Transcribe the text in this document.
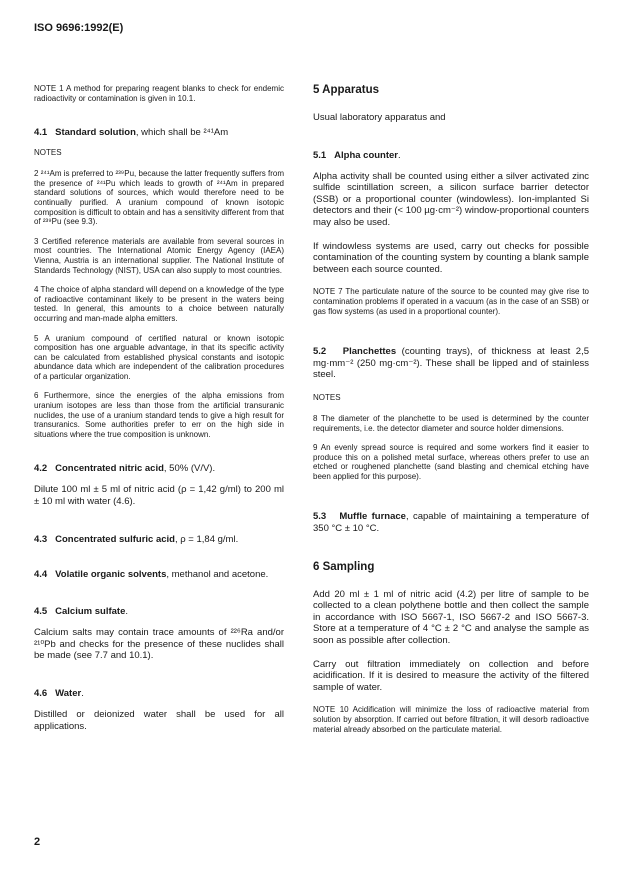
ISO 9696:1992(E)

NOTE 1 A method for preparing reagent blanks to check for endemic radioactivity or contamination is given in 10.1.

4.1 Standard solution, which shall be ²⁴¹Am

NOTES

2 ²⁴¹Am is preferred to ²³⁹Pu, because the latter frequently suffers from the presence of ²⁴¹Pu which leads to growth of ²⁴¹Am in prepared standard solutions of sources, which would therefore need to be continually purified. A uranium compound of known isotopic composition is difficult to obtain and has a sensitivity different from that of ²³⁹Pu (see 9.3).

3 Certified reference materials are available from several sources in most countries. The International Atomic Energy Agency (IAEA) Vienna, Austria is an international supplier. The National Institute of Standards Technology (NIST), USA can also supply to most countries.

4 The choice of alpha standard will depend on a knowledge of the type of radioactive contaminant likely to be present in the waters being tested. In general, this amounts to a choice between naturally occurring and man-made alpha emitters.

5 A uranium compound of certified natural or known isotopic composition has one arguable advantage, in that its specific activity can be calculated from established physical constants and isotopic abundance data which are independent of the calibration procedures of a particular organization.

6 Furthermore, since the energies of the alpha emissions from uranium isotopes are less than those from the artificial transuranic nuclides, the use of a uranium standard tends to give a high result for transuranics. Some authorities prefer to err on the high side in situations where the true composition is unknown.

4.2 Concentrated nitric acid, 50% (V/V).

Dilute 100 ml ± 5 ml of nitric acid (ρ = 1,42 g/ml) to 200 ml ± 10 ml with water (4.6).

4.3 Concentrated sulfuric acid, ρ = 1,84 g/ml.

4.4 Volatile organic solvents, methanol and acetone.

4.5 Calcium sulfate.

Calcium salts may contain trace amounts of ²²⁶Ra and/or ²¹⁰Pb and checks for the presence of these nuclides shall be made (see 7.7 and 10.1).

4.6 Water.

Distilled or deionized water shall be used for all applications.

5 Apparatus

Usual laboratory apparatus and

5.1 Alpha counter.

Alpha activity shall be counted using either a silver activated zinc sulfide scintillation screen, a silicon surface barrier detector (SSB) or a proportional counter (windowless). Ion-implanted Si detectors and their (< 100 µg·cm⁻²) window-proportional counters may also be used.

If windowless systems are used, carry out checks for possible contamination of the counting system by counting a blank sample between each source counted.

NOTE 7 The particulate nature of the source to be counted may give rise to contamination problems if operated in a vacuum (as in the case of an SSB) or gas flow systems (as used in a proportional counter).

5.2 Planchettes (counting trays), of thickness at least 2,5 mg·mm⁻² (250 mg·cm⁻²). These shall be lipped and of stainless steel.

NOTES

8 The diameter of the planchette to be used is determined by the counter requirements, i.e. the detector diameter and source holder dimensions.

9 An evenly spread source is required and some workers find it easier to produce this on a polished metal surface, whereas others prefer to use an etched or roughened planchette (sand blasting and chemical etching have been applied for this purpose).

5.3 Muffle furnace, capable of maintaining a temperature of 350 °C ± 10 °C.

6 Sampling

Add 20 ml ± 1 ml of nitric acid (4.2) per litre of sample to be collected to a clean polythene bottle and then collect the sample in accordance with ISO 5667-1, ISO 5667-2 and ISO 5667-3. Store at a temperature of 4 °C ± 2 °C and analyse the sample as soon as possible after collection.

Carry out filtration immediately on collection and before acidification. If it is desired to measure the activity of the filtered sample of water.

NOTE 10 Acidification will minimize the loss of radioactive material from solution by absorption. If carried out before filtration, it will desorb radioactive material already absorbed on the particulate material.

2
